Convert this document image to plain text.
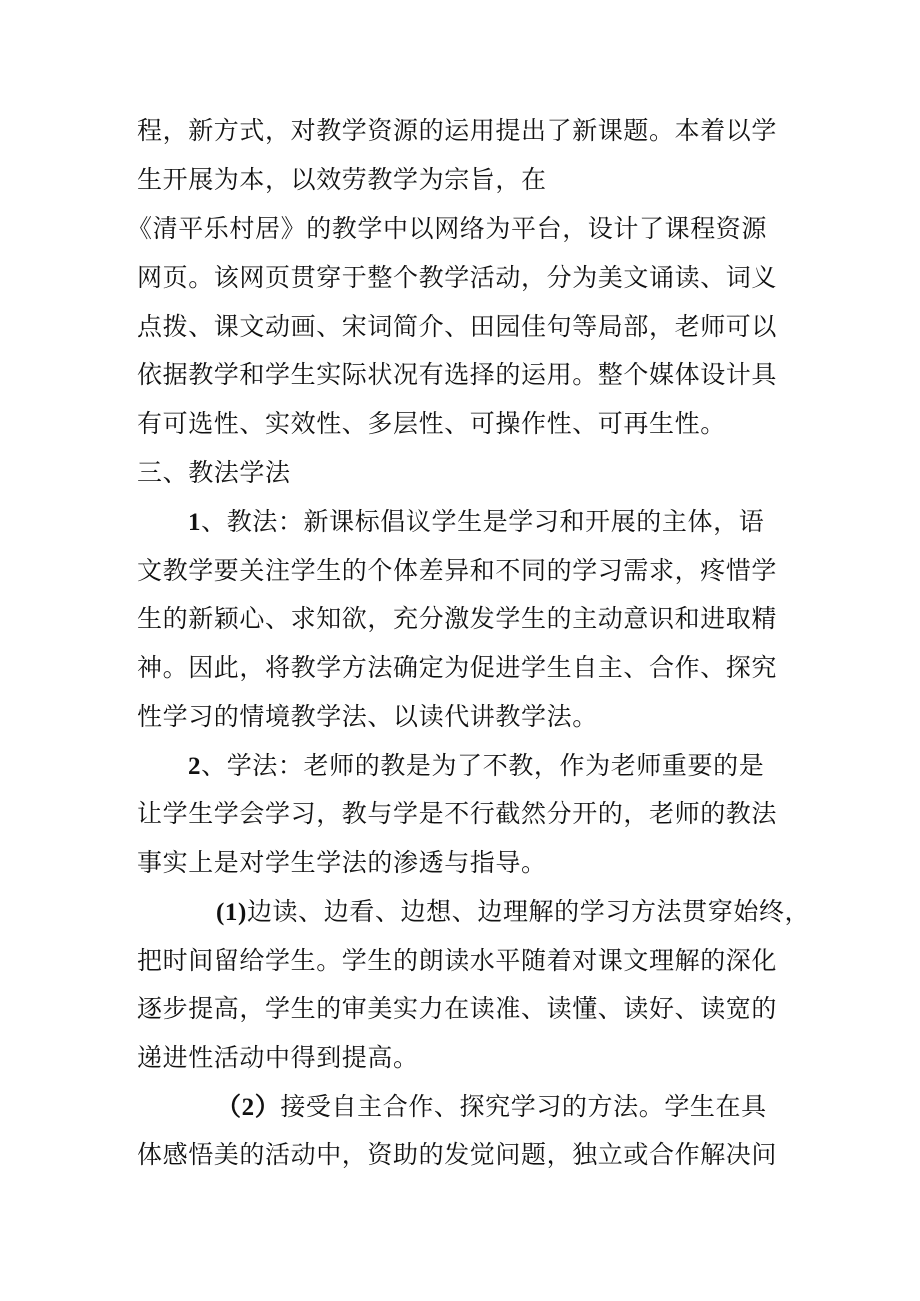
程，新方式，对教学资源的运用提出了新课题。本着以学
生开展为本，以效劳教学为宗旨，在
《清平乐村居》的教学中以网络为平台，设计了课程资源
网页。该网页贯穿于整个教学活动，分为美文诵读、词义
点拨、课文动画、宋词简介、田园佳句等局部，老师可以
依据教学和学生实际状况有选择的运用。整个媒体设计具
有可选性、实效性、多层性、可操作性、可再生性。
三、教法学法
1、教法：新课标倡议学生是学习和开展的主体，语
文教学要关注学生的个体差异和不同的学习需求，疼惜学
生的新颖心、求知欲，充分激发学生的主动意识和进取精
神。因此，将教学方法确定为促进学生自主、合作、探究
性学习的情境教学法、以读代讲教学法。
2、学法：老师的教是为了不教，作为老师重要的是
让学生学会学习，教与学是不行截然分开的，老师的教法
事实上是对学生学法的渗透与指导。
(1)边读、边看、边想、边理解的学习方法贯穿始终，
把时间留给学生。学生的朗读水平随着对课文理解的深化
逐步提高，学生的审美实力在读准、读懂、读好、读宽的
递进性活动中得到提高。
（2）接受自主合作、探究学习的方法。学生在具
体感悟美的活动中，资助的发觉问题，独立或合作解决问
